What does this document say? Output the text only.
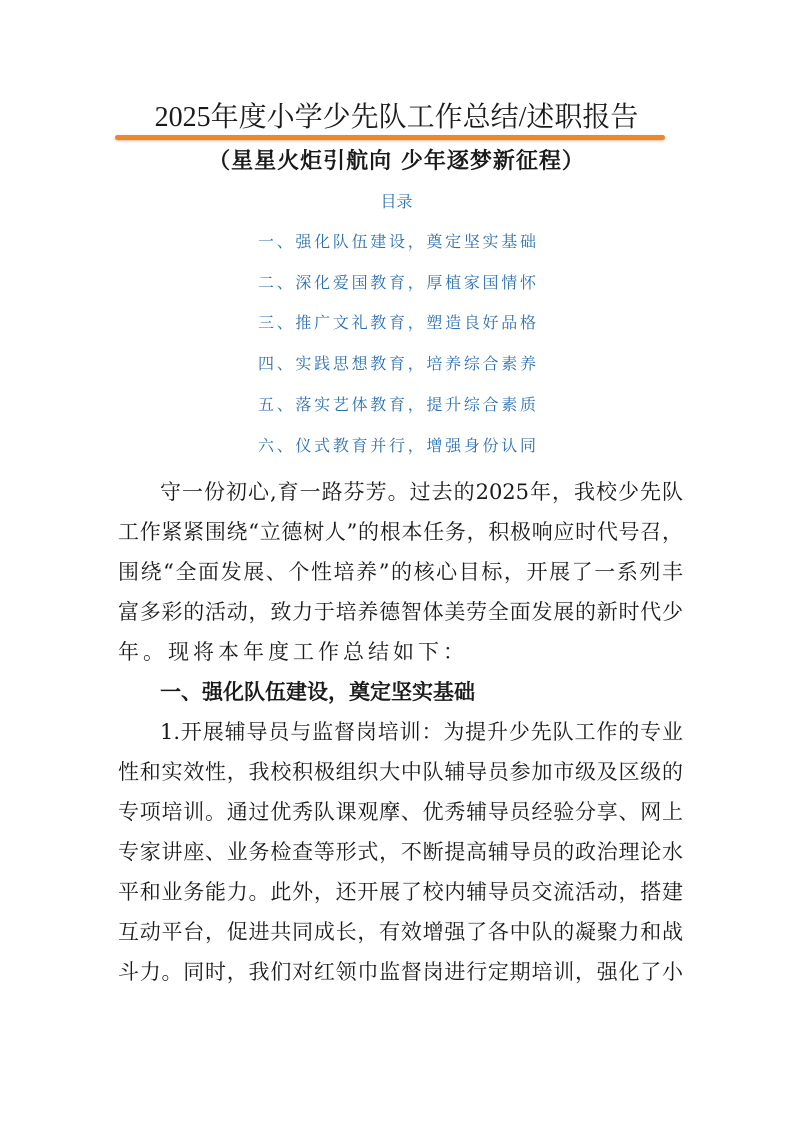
2025年度小学少先队工作总结/述职报告
（星星火炬引航向 少年逐梦新征程）
目录
一、强化队伍建设，奠定坚实基础
二、深化爱国教育，厚植家国情怀
三、推广文礼教育，塑造良好品格
四、实践思想教育，培养综合素养
五、落实艺体教育，提升综合素质
六、仪式教育并行，增强身份认同
守一份初心,育一路芬芳。过去的2025年，我校少先队
工作紧紧围绕“立德树人”的根本任务，积极响应时代号召，
围绕“全面发展、个性培养”的核心目标，开展了一系列丰
富多彩的活动，致力于培养德智体美劳全面发展的新时代少
年。现将本年度工作总结如下：
一、强化队伍建设，奠定坚实基础
1.开展辅导员与监督岗培训：为提升少先队工作的专业
性和实效性，我校积极组织大中队辅导员参加市级及区级的
专项培训。通过优秀队课观摩、优秀辅导员经验分享、网上
专家讲座、业务检查等形式，不断提高辅导员的政治理论水
平和业务能力。此外，还开展了校内辅导员交流活动，搭建
互动平台，促进共同成长，有效增强了各中队的凝聚力和战
斗力。同时，我们对红领巾监督岗进行定期培训，强化了小
